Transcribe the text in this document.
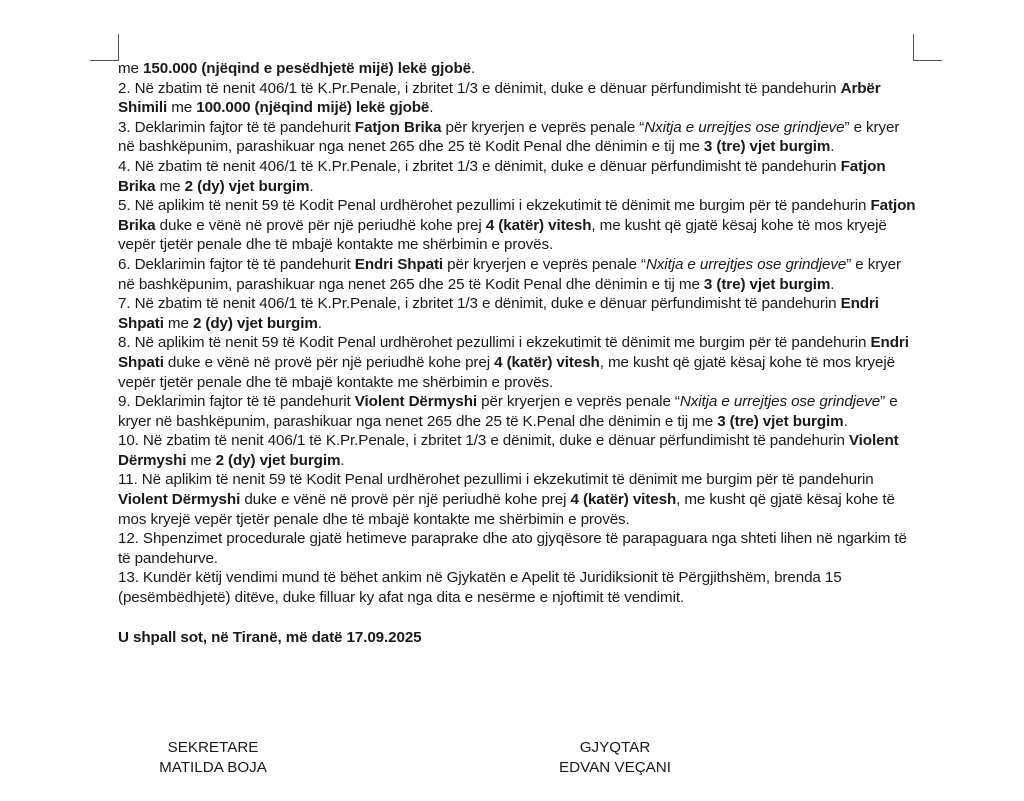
me 150.000 (njëqind e pesëdhjetë mijë) lekë gjobë.

2. Në zbatim të nenit 406/1 të K.Pr.Penale, i zbritet 1/3 e dënimit, duke e dënuar përfundimisht të pandehurin Arbër Shimili me 100.000 (njëqind mijë) lekë gjobë.

3. Deklarimin fajtor të të pandehurit Fatjon Brika për kryerjen e veprës penale “Nxitja e urrejtjes ose grindjeve” e kryer në bashkëpunim, parashikuar nga nenet 265 dhe 25 të Kodit Penal dhe dënimin e tij me 3 (tre) vjet burgim.

4. Në zbatim të nenit 406/1 të K.Pr.Penale, i zbritet 1/3 e dënimit, duke e dënuar përfundimisht të pandehurin Fatjon Brika me 2 (dy) vjet burgim.

5. Në aplikim të nenit 59 të Kodit Penal urdhërohet pezullimi i ekzekutimit të dënimit me burgim për të pandehurin Fatjon Brika duke e vënë në provë për një periudhë kohe prej 4 (katër) vitesh, me kusht që gjatë kësaj kohe të mos kryejë vepër tjetër penale dhe të mbajë kontakte me shërbimin e provës.

6. Deklarimin fajtor të të pandehurit Endri Shpati për kryerjen e veprës penale “Nxitja e urrejtjes ose grindjeve” e kryer në bashkëpunim, parashikuar nga nenet 265 dhe 25 të Kodit Penal dhe dënimin e tij me 3 (tre) vjet burgim.

7. Në zbatim të nenit 406/1 të K.Pr.Penale, i zbritet 1/3 e dënimit, duke e dënuar përfundimisht të pandehurin Endri Shpati me 2 (dy) vjet burgim.

8. Në aplikim të nenit 59 të Kodit Penal urdhërohet pezullimi i ekzekutimit të dënimit me burgim për të pandehurin Endri Shpati duke e vënë në provë për një periudhë kohe prej 4 (katër) vitesh, me kusht që gjatë kësaj kohe të mos kryejë vepër tjetër penale dhe të mbajë kontakte me shërbimin e provës.

9. Deklarimin fajtor të të pandehurit Violent Dërmyshi për kryerjen e veprës penale “Nxitja e urrejtjes ose grindjeve” e kryer në bashkëpunim, parashikuar nga nenet 265 dhe 25 të K.Penal dhe dënimin e tij me 3 (tre) vjet burgim.

10. Në zbatim të nenit 406/1 të K.Pr.Penale, i zbritet 1/3 e dënimit, duke e dënuar përfundimisht të pandehurin Violent Dërmyshi me 2 (dy) vjet burgim.

11. Në aplikim të nenit 59 të Kodit Penal urdhërohet pezullimi i ekzekutimit të dënimit me burgim për të pandehurin Violent Dërmyshi duke e vënë në provë për një periudhë kohe prej 4 (katër) vitesh, me kusht që gjatë kësaj kohe të mos kryejë vepër tjetër penale dhe të mbajë kontakte me shërbimin e provës.

12. Shpenzimet procedurale gjatë hetimeve paraprake dhe ato gjyqësore të parapaguara nga shteti lihen në ngarkim të të pandehurve.

13. Kundër këtij vendimi mund të bëhet ankim në Gjykatën e Apelit të Juridiksionit të Përgjithshëm, brenda 15 (pesëmbëdhjetë) ditëve, duke filluar ky afat nga dita e nesërme e njoftimit të vendimit.

U shpall sot, në Tiranë, më datë 17.09.2025

SEKRETARE
MATILDA BOJA
GJYQTAR
EDVAN VEÇANI
